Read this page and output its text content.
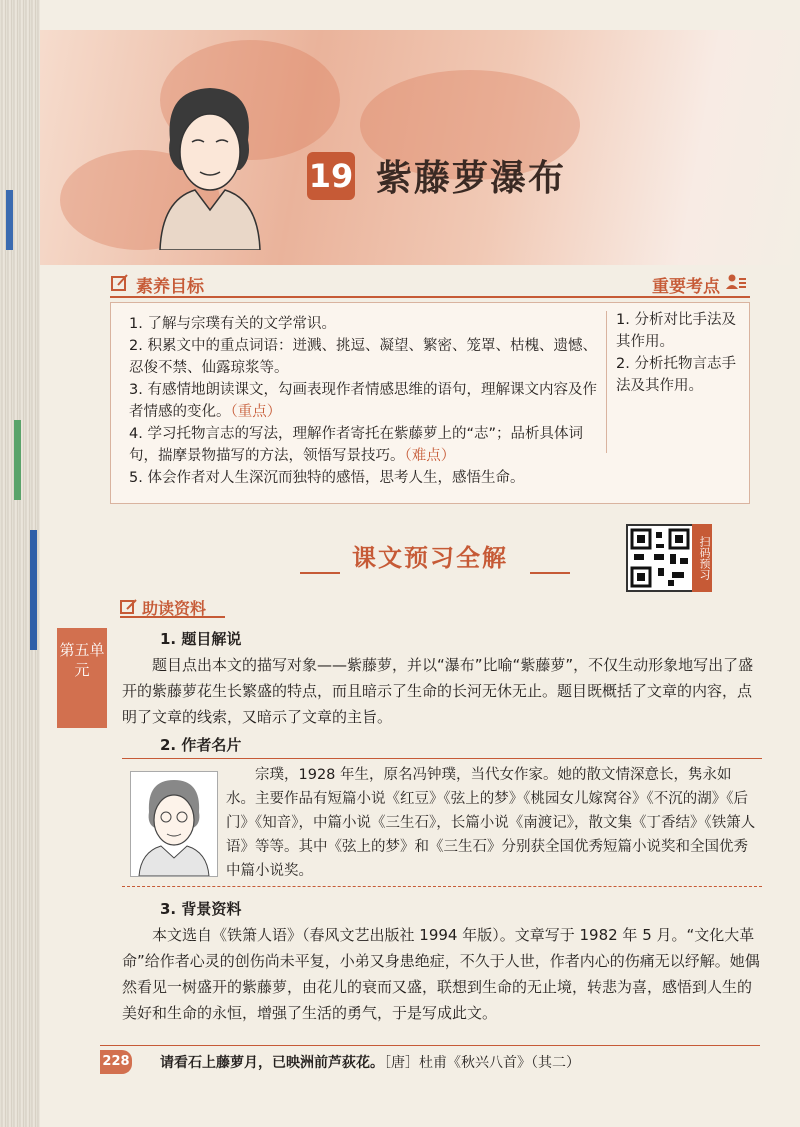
19 紫藤萝瀑布
素养目标	重要考点
1. 了解与宗璞有关的文学常识。
2. 积累文中的重点词语：迸溅、挑逗、凝望、繁密、笼罩、枯槐、遗憾、忍俊不禁、仙露琼浆等。
3. 有感情地朗读课文，勾画表现作者情感思维的语句，理解课文内容及作者情感的变化。（重点）
4. 学习托物言志的写法，理解作者寄托在紫藤萝上的“志”；品析具体词句，揣摩景物描写的方法，领悟写景技巧。（难点）
5. 体会作者对人生深沉而独特的感悟，思考人生，感悟生命。
1. 分析对比手法及其作用。
2. 分析托物言志手法及其作用。
课文预习全解	扫码预习
助读资料
第五单元
1. 题目解说

题目点出本文的描写对象——紫藤萝，并以“瀑布”比喻“紫藤萝”，不仅生动形象地写出了盛开的紫藤萝花生长繁盛的特点，而且暗示了生命的长河无休无止。题目既概括了文章的内容，点明了文章的线索，又暗示了文章的主旨。

2. 作者名片

宗璞，1928 年生，原名冯钟璞，当代女作家。她的散文情深意长，隽永如水。主要作品有短篇小说《红豆》《弦上的梦》《桃园女儿嫁窝谷》《不沉的湖》《后门》《知音》，中篇小说《三生石》，长篇小说《南渡记》，散文集《丁香结》《铁箫人语》等等。其中《弦上的梦》和《三生石》分别获全国优秀短篇小说奖和全国优秀中篇小说奖。

3. 背景资料

本文选自《铁箫人语》（春风文艺出版社 1994 年版）。文章写于 1982 年 5 月。“文化大革命”给作者心灵的创伤尚未平复，小弟又身患绝症，不久于人世，作者内心的伤痛无以纾解。她偶然看见一树盛开的紫藤萝，由花儿的衰而又盛，联想到生命的无止境，转悲为喜，感悟到人生的美好和生命的永恒，增强了生活的勇气，于是写成此文。

228 请看石上藤萝月，已映洲前芦荻花。［唐］杜甫《秋兴八首》（其二）
